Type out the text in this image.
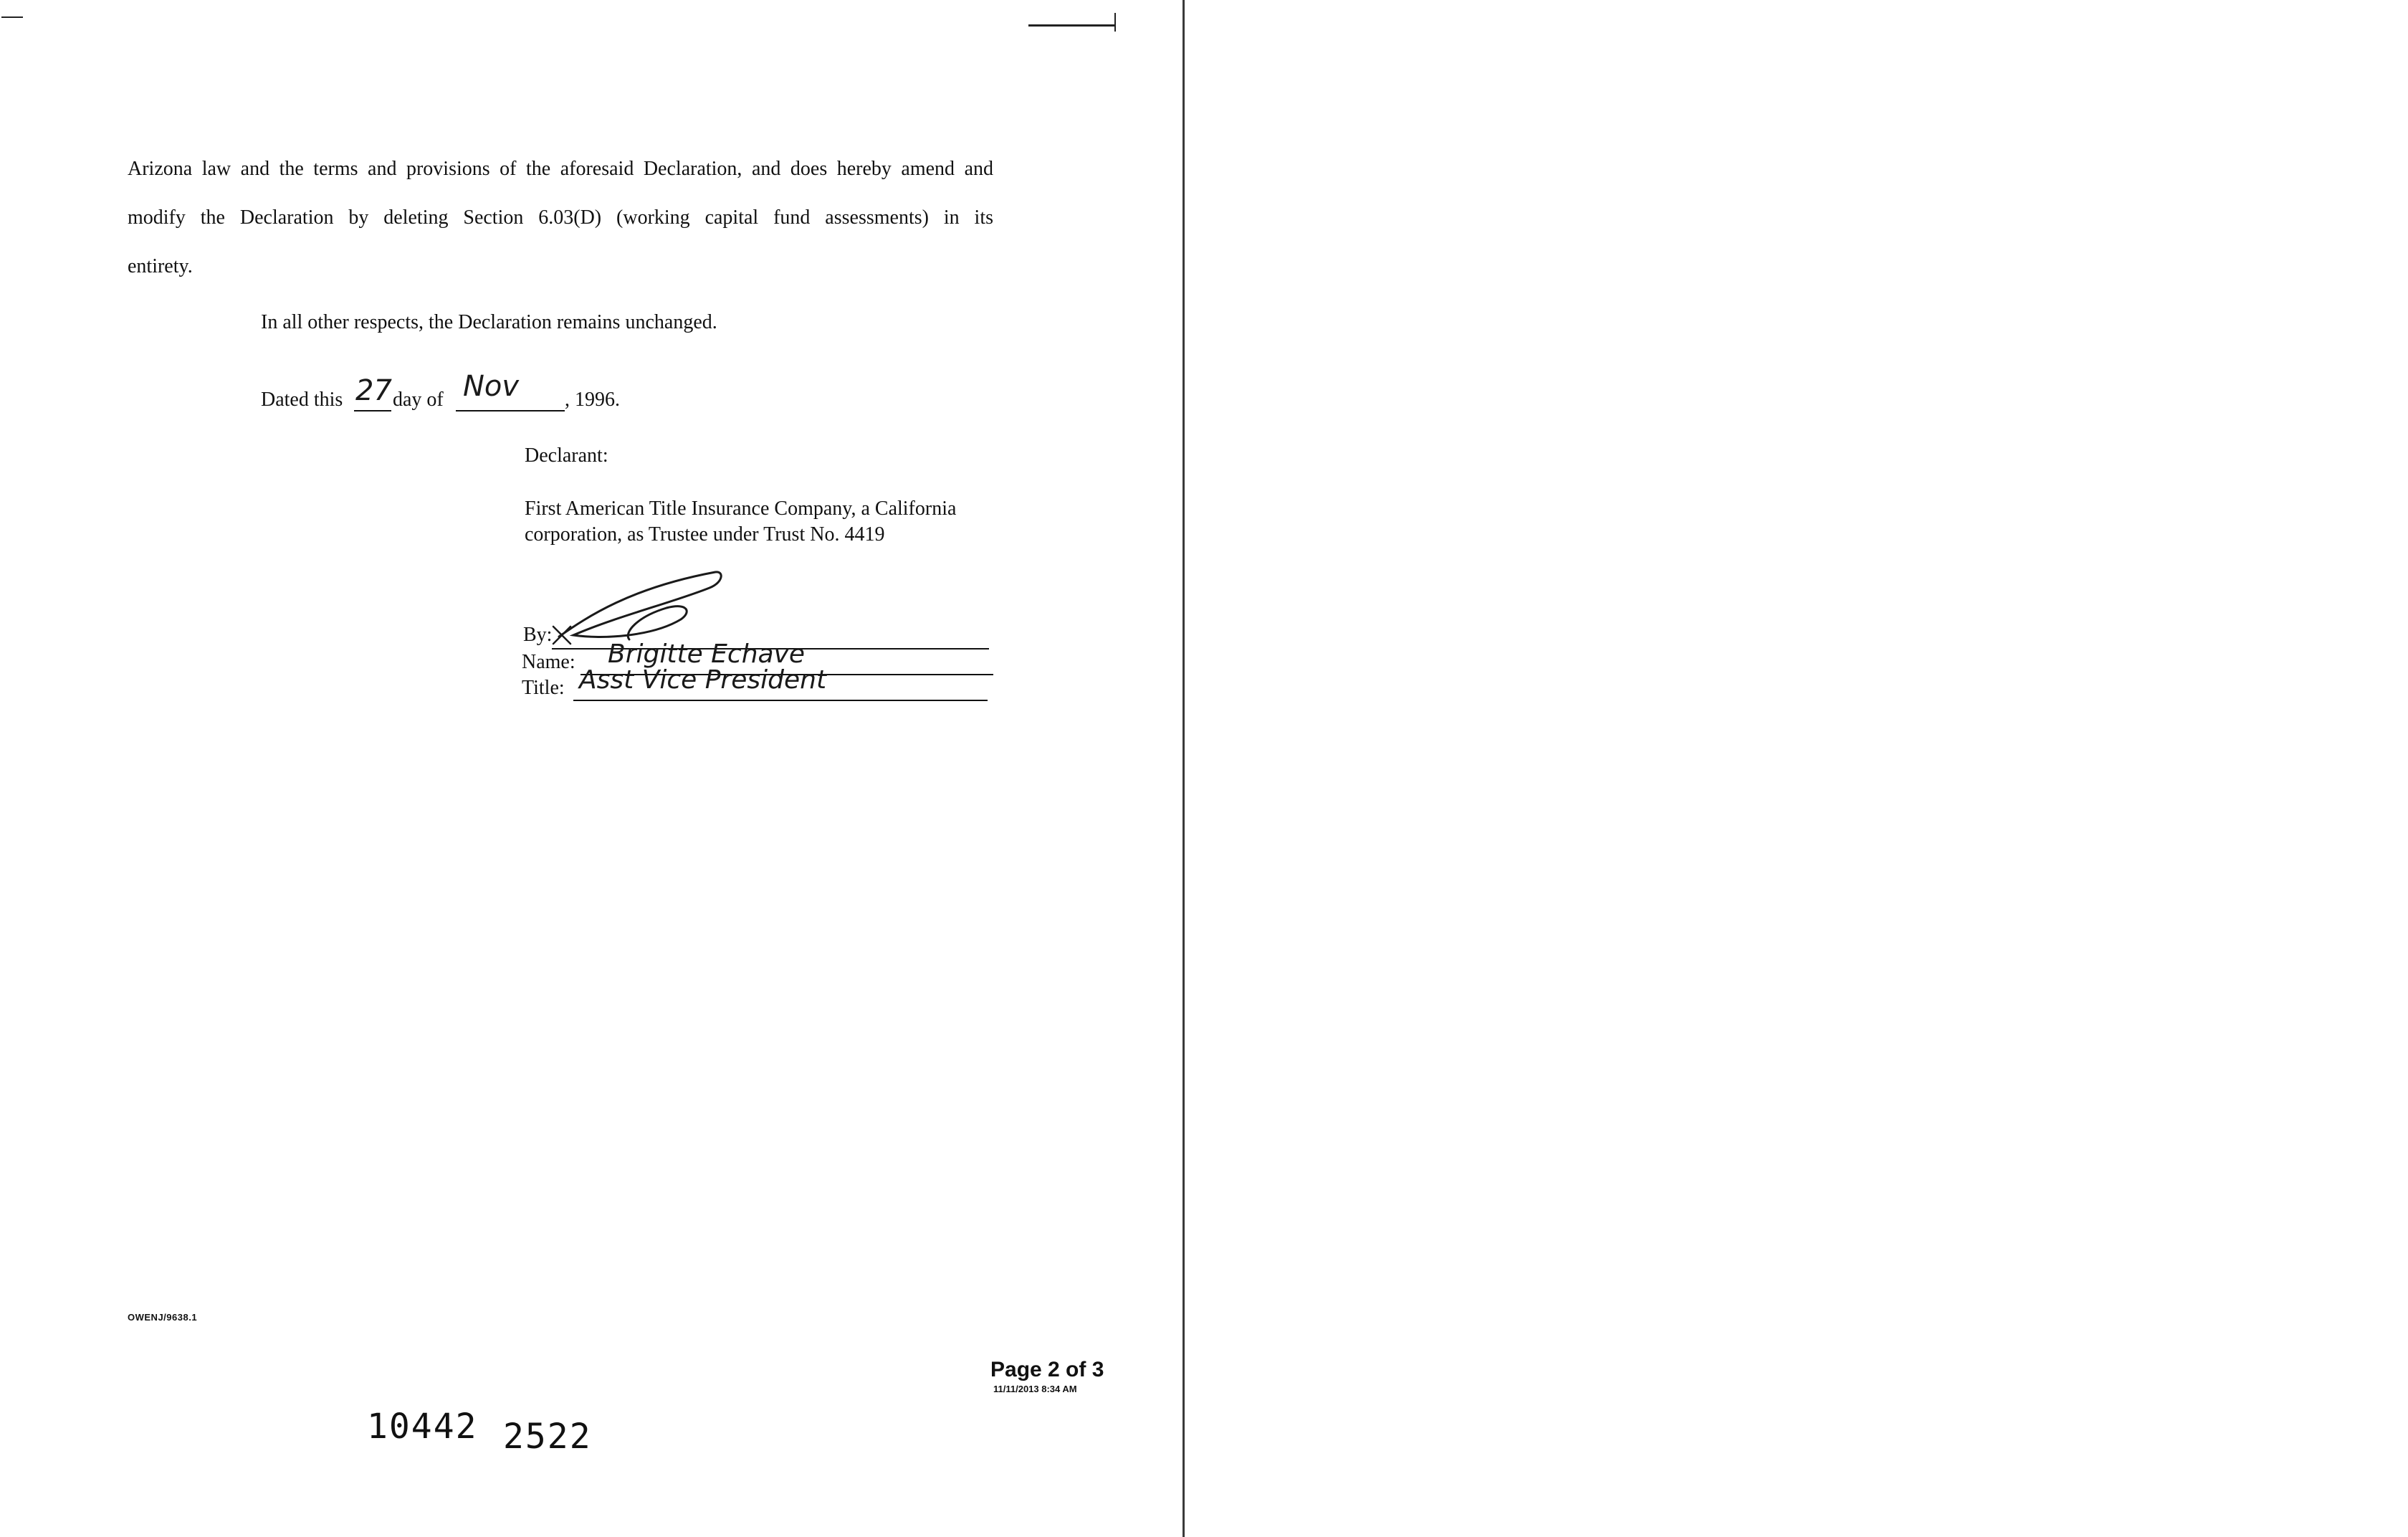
Arizona law and the terms and provisions of the aforesaid Declaration, and does hereby amend and
modify the Declaration by deleting Section 6.03(D) (working capital fund assessments) in its
entirety.
In all other respects, the Declaration remains unchanged.
Dated this 27 day of Nov , 1996.
Declarant:
First American Title Insurance Company, a California
corporation, as Trustee under Trust No. 4419
By:
Name: Brigitte Echave
Title: Asst Vice President
OWENJ/9638.1
Page 2 of 3
11/11/2013 8:34 AM
10442 2522
